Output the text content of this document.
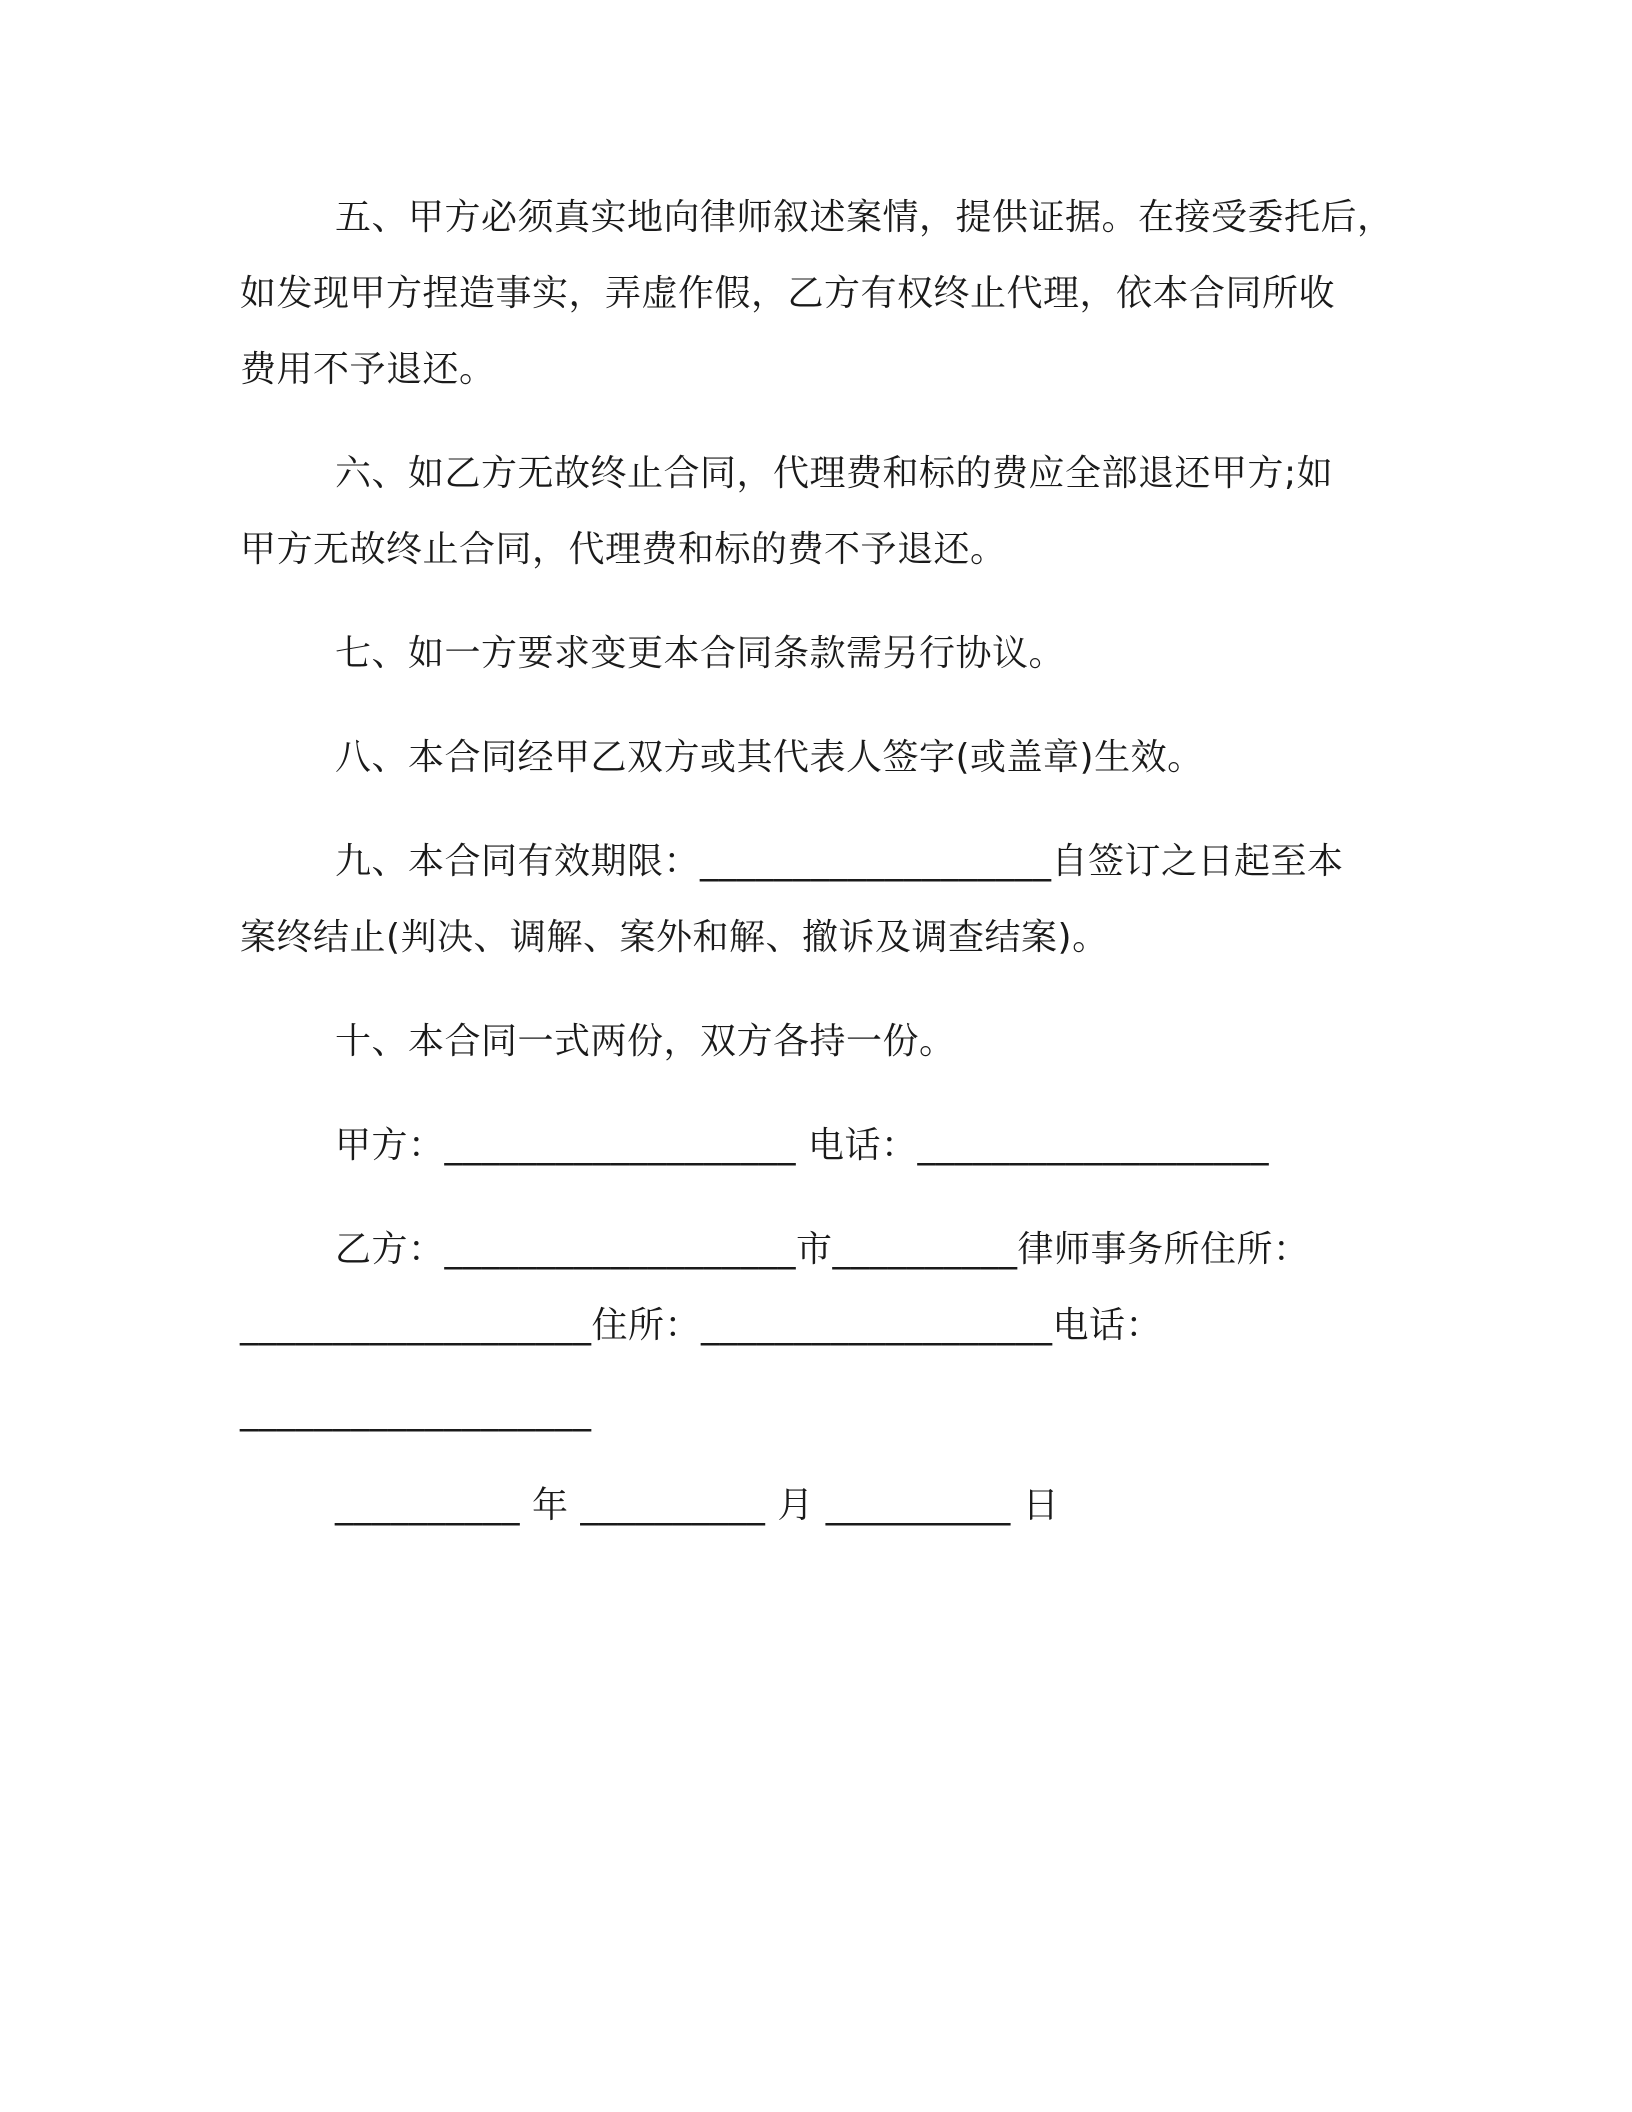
五、甲方必须真实地向律师叙述案情，提供证据。在接受委托后，
如发现甲方捏造事实，弄虚作假，乙方有权终止代理，依本合同所收
费用不予退还。
六、如乙方无故终止合同，代理费和标的费应全部退还甲方;如
甲方无故终止合同，代理费和标的费不予退还。
七、如一方要求变更本合同条款需另行协议。
八、本合同经甲乙双方或其代表人签字(或盖章)生效。
九、本合同有效期限：___________________自签订之日起至本
案终结止(判决、调解、案外和解、撤诉及调查结案)。
十、本合同一式两份，双方各持一份。
甲方：___________________ 电话：___________________
乙方：___________________市__________律师事务所住所：
___________________住所：___________________电话：
___________________
__________ 年 __________ 月 __________ 日
